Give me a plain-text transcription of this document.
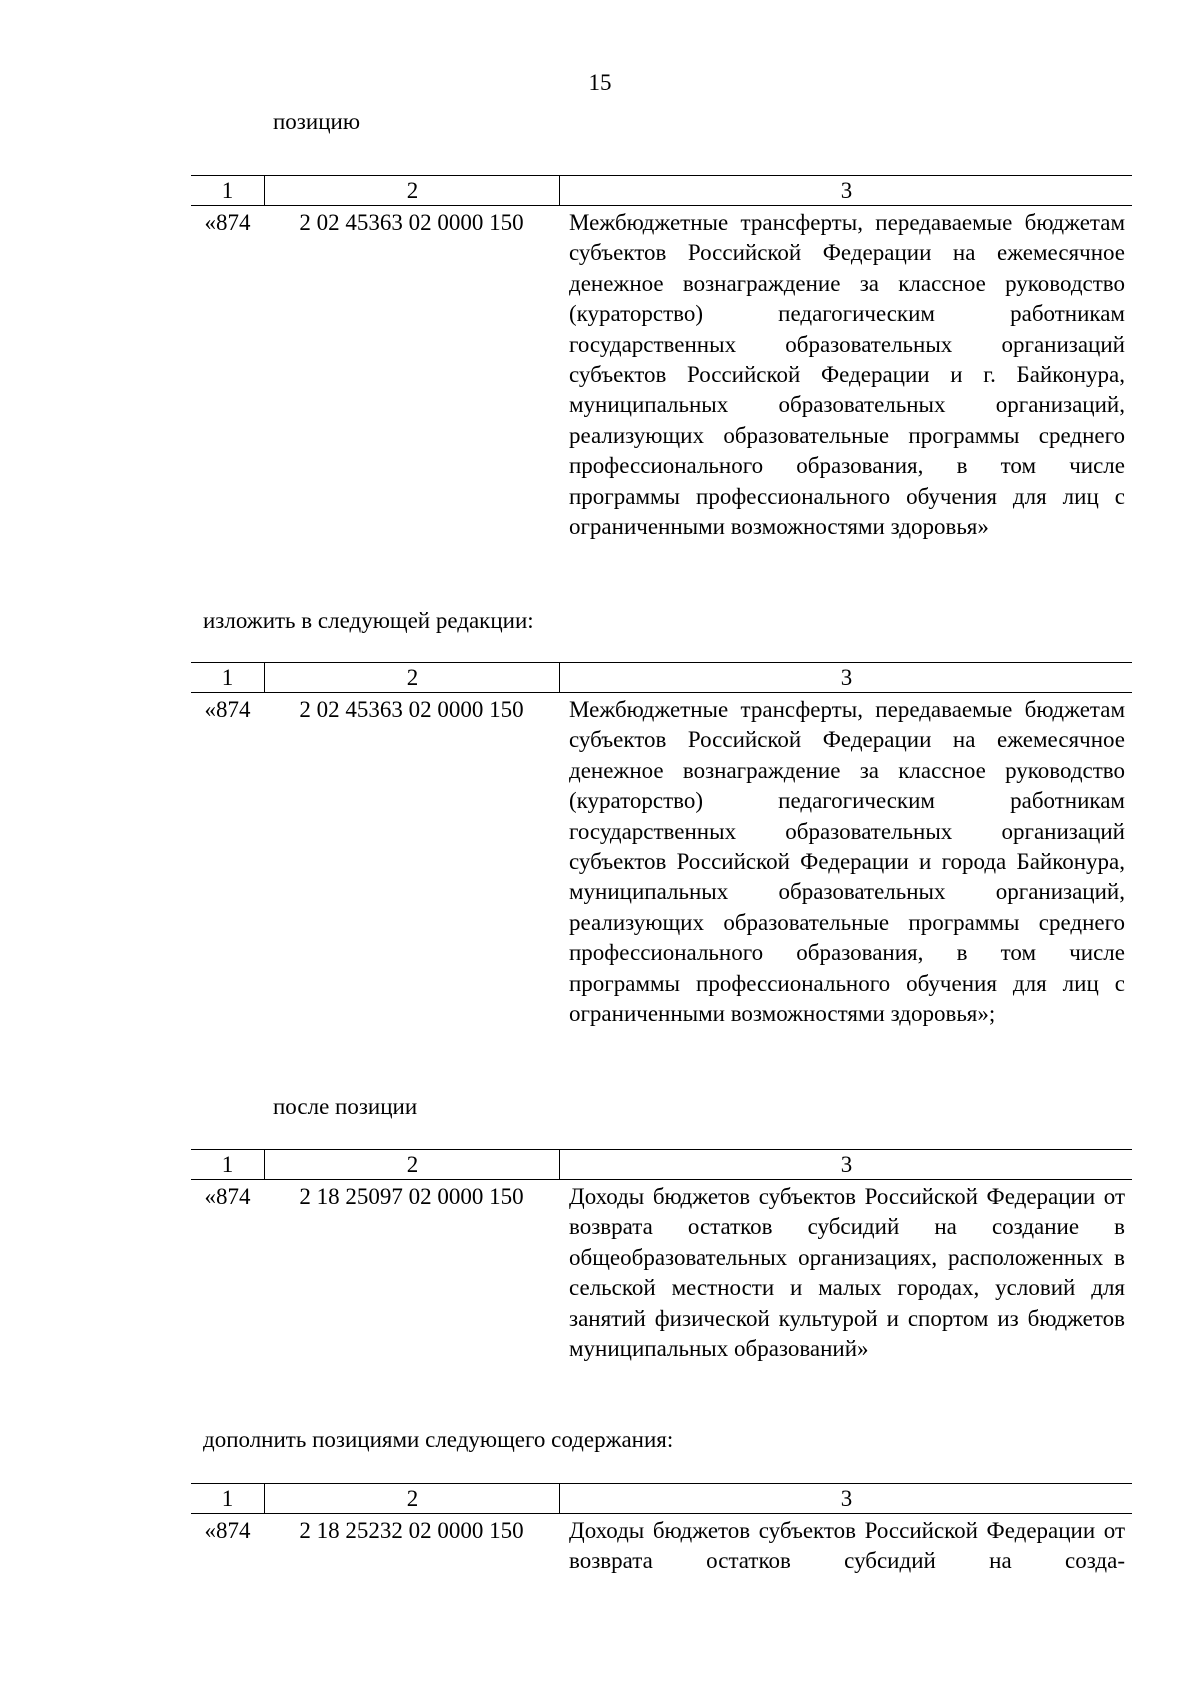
15
позицию
1	2	3
«874	2 02 45363 02 0000 150	Межбюджетные трансферты, передаваемые бюджетам субъектов Российской Федерации на ежемесячное денежное вознаграждение за классное руководство (кураторство) педагогическим работникам государственных образовательных организаций субъектов Российской Федерации и г. Байконура, муниципальных образовательных организаций, реализующих образовательные программы среднего профессионального образования, в том числе программы профессионального обучения для лиц с ограниченными возможностями здоровья»
изложить в следующей редакции:
1	2	3
«874	2 02 45363 02 0000 150	Межбюджетные трансферты, передаваемые бюджетам субъектов Российской Федерации на ежемесячное денежное вознаграждение за классное руководство (кураторство) педагогическим работникам государственных образовательных организаций субъектов Российской Федерации и города Байконура, муниципальных образовательных организаций, реализующих образовательные программы среднего профессионального образования, в том числе программы профессионального обучения для лиц с ограниченными возможностями здоровья»;
после позиции
1	2	3
«874	2 18 25097 02 0000 150	Доходы бюджетов субъектов Российской Федерации от возврата остатков субсидий на создание в общеобразовательных организациях, расположенных в сельской местности и малых городах, условий для занятий физической культурой и спортом из бюджетов муниципальных образований»
дополнить позициями следующего содержания:
1	2	3
«874	2 18 25232 02 0000 150	Доходы бюджетов субъектов Российской Федерации от возврата остатков субсидий на созда-
